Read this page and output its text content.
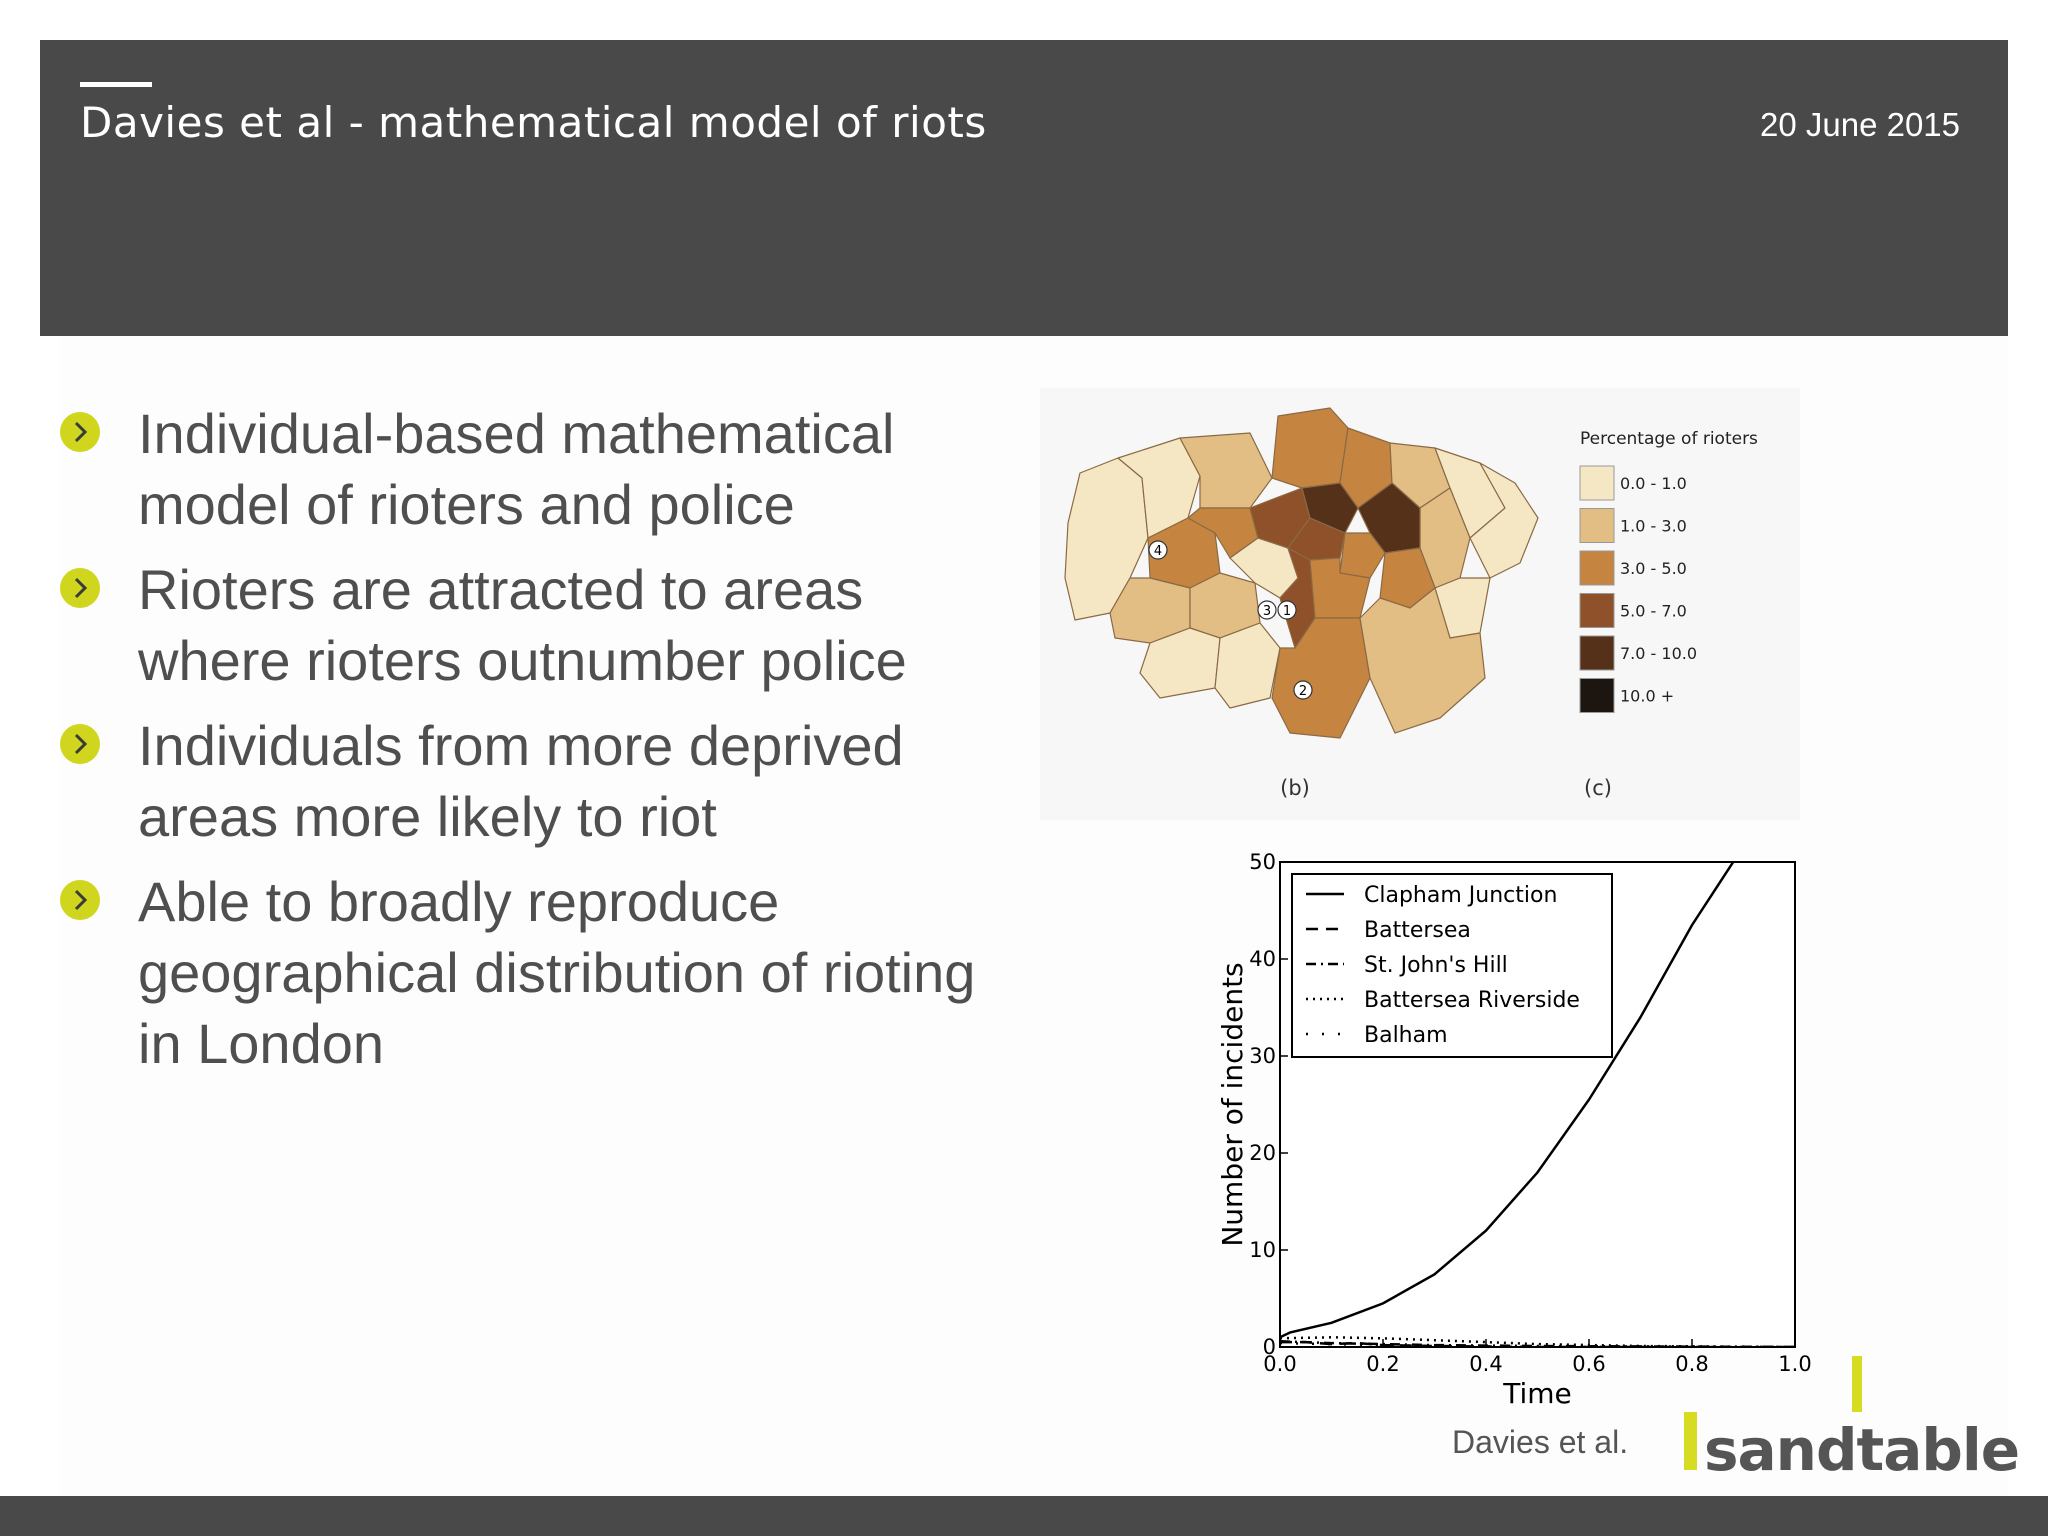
Davies et al - mathematical model of riots	20 June 2015
Individual-based mathematical model of rioters and police
Rioters are attracted to areas where rioters outnumber police
Individuals from more deprived areas more likely to riot
Able to broadly reproduce geographical distribution of rioting in London
4
3 1
2
(b)	(c)
Percentage of rioters
0.0 - 1.0
1.0 - 3.0
3.0 - 5.0
5.0 - 7.0
7.0 - 10.0
10.0 +
0.0	0.2	0.4	0.6	0.8	1.0
0
10
20
30
40
50
Time
Number of incidents
Clapham Junction
Battersea
St. John's Hill
Battersea Riverside
Balham
Davies et al. sandtable
